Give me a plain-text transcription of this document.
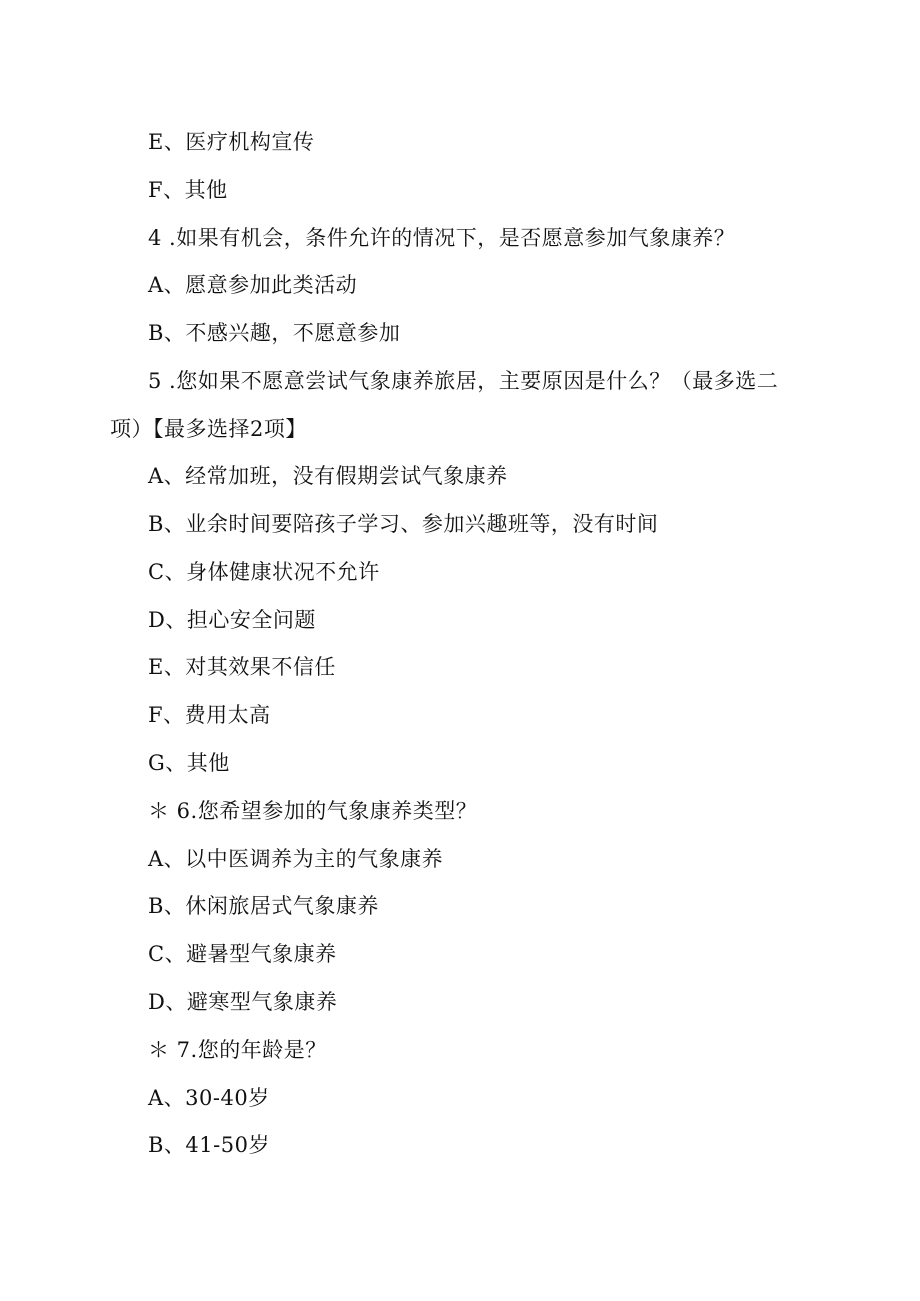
E、医疗机构宣传
F、其他
4 .如果有机会，条件允许的情况下，是否愿意参加气象康养？
A、愿意参加此类活动
B、不感兴趣，不愿意参加
5 .您如果不愿意尝试气象康养旅居，主要原因是什么？（最多选二
项）【最多选择2项】
A、经常加班，没有假期尝试气象康养
B、业余时间要陪孩子学习、参加兴趣班等，没有时间
C、身体健康状况不允许
D、担心安全问题
E、对其效果不信任
F、费用太高
G、其他
＊ 6.您希望参加的气象康养类型？
A、以中医调养为主的气象康养
B、休闲旅居式气象康养
C、避暑型气象康养
D、避寒型气象康养
＊ 7.您的年龄是？
A、30-40岁
B、41-50岁
